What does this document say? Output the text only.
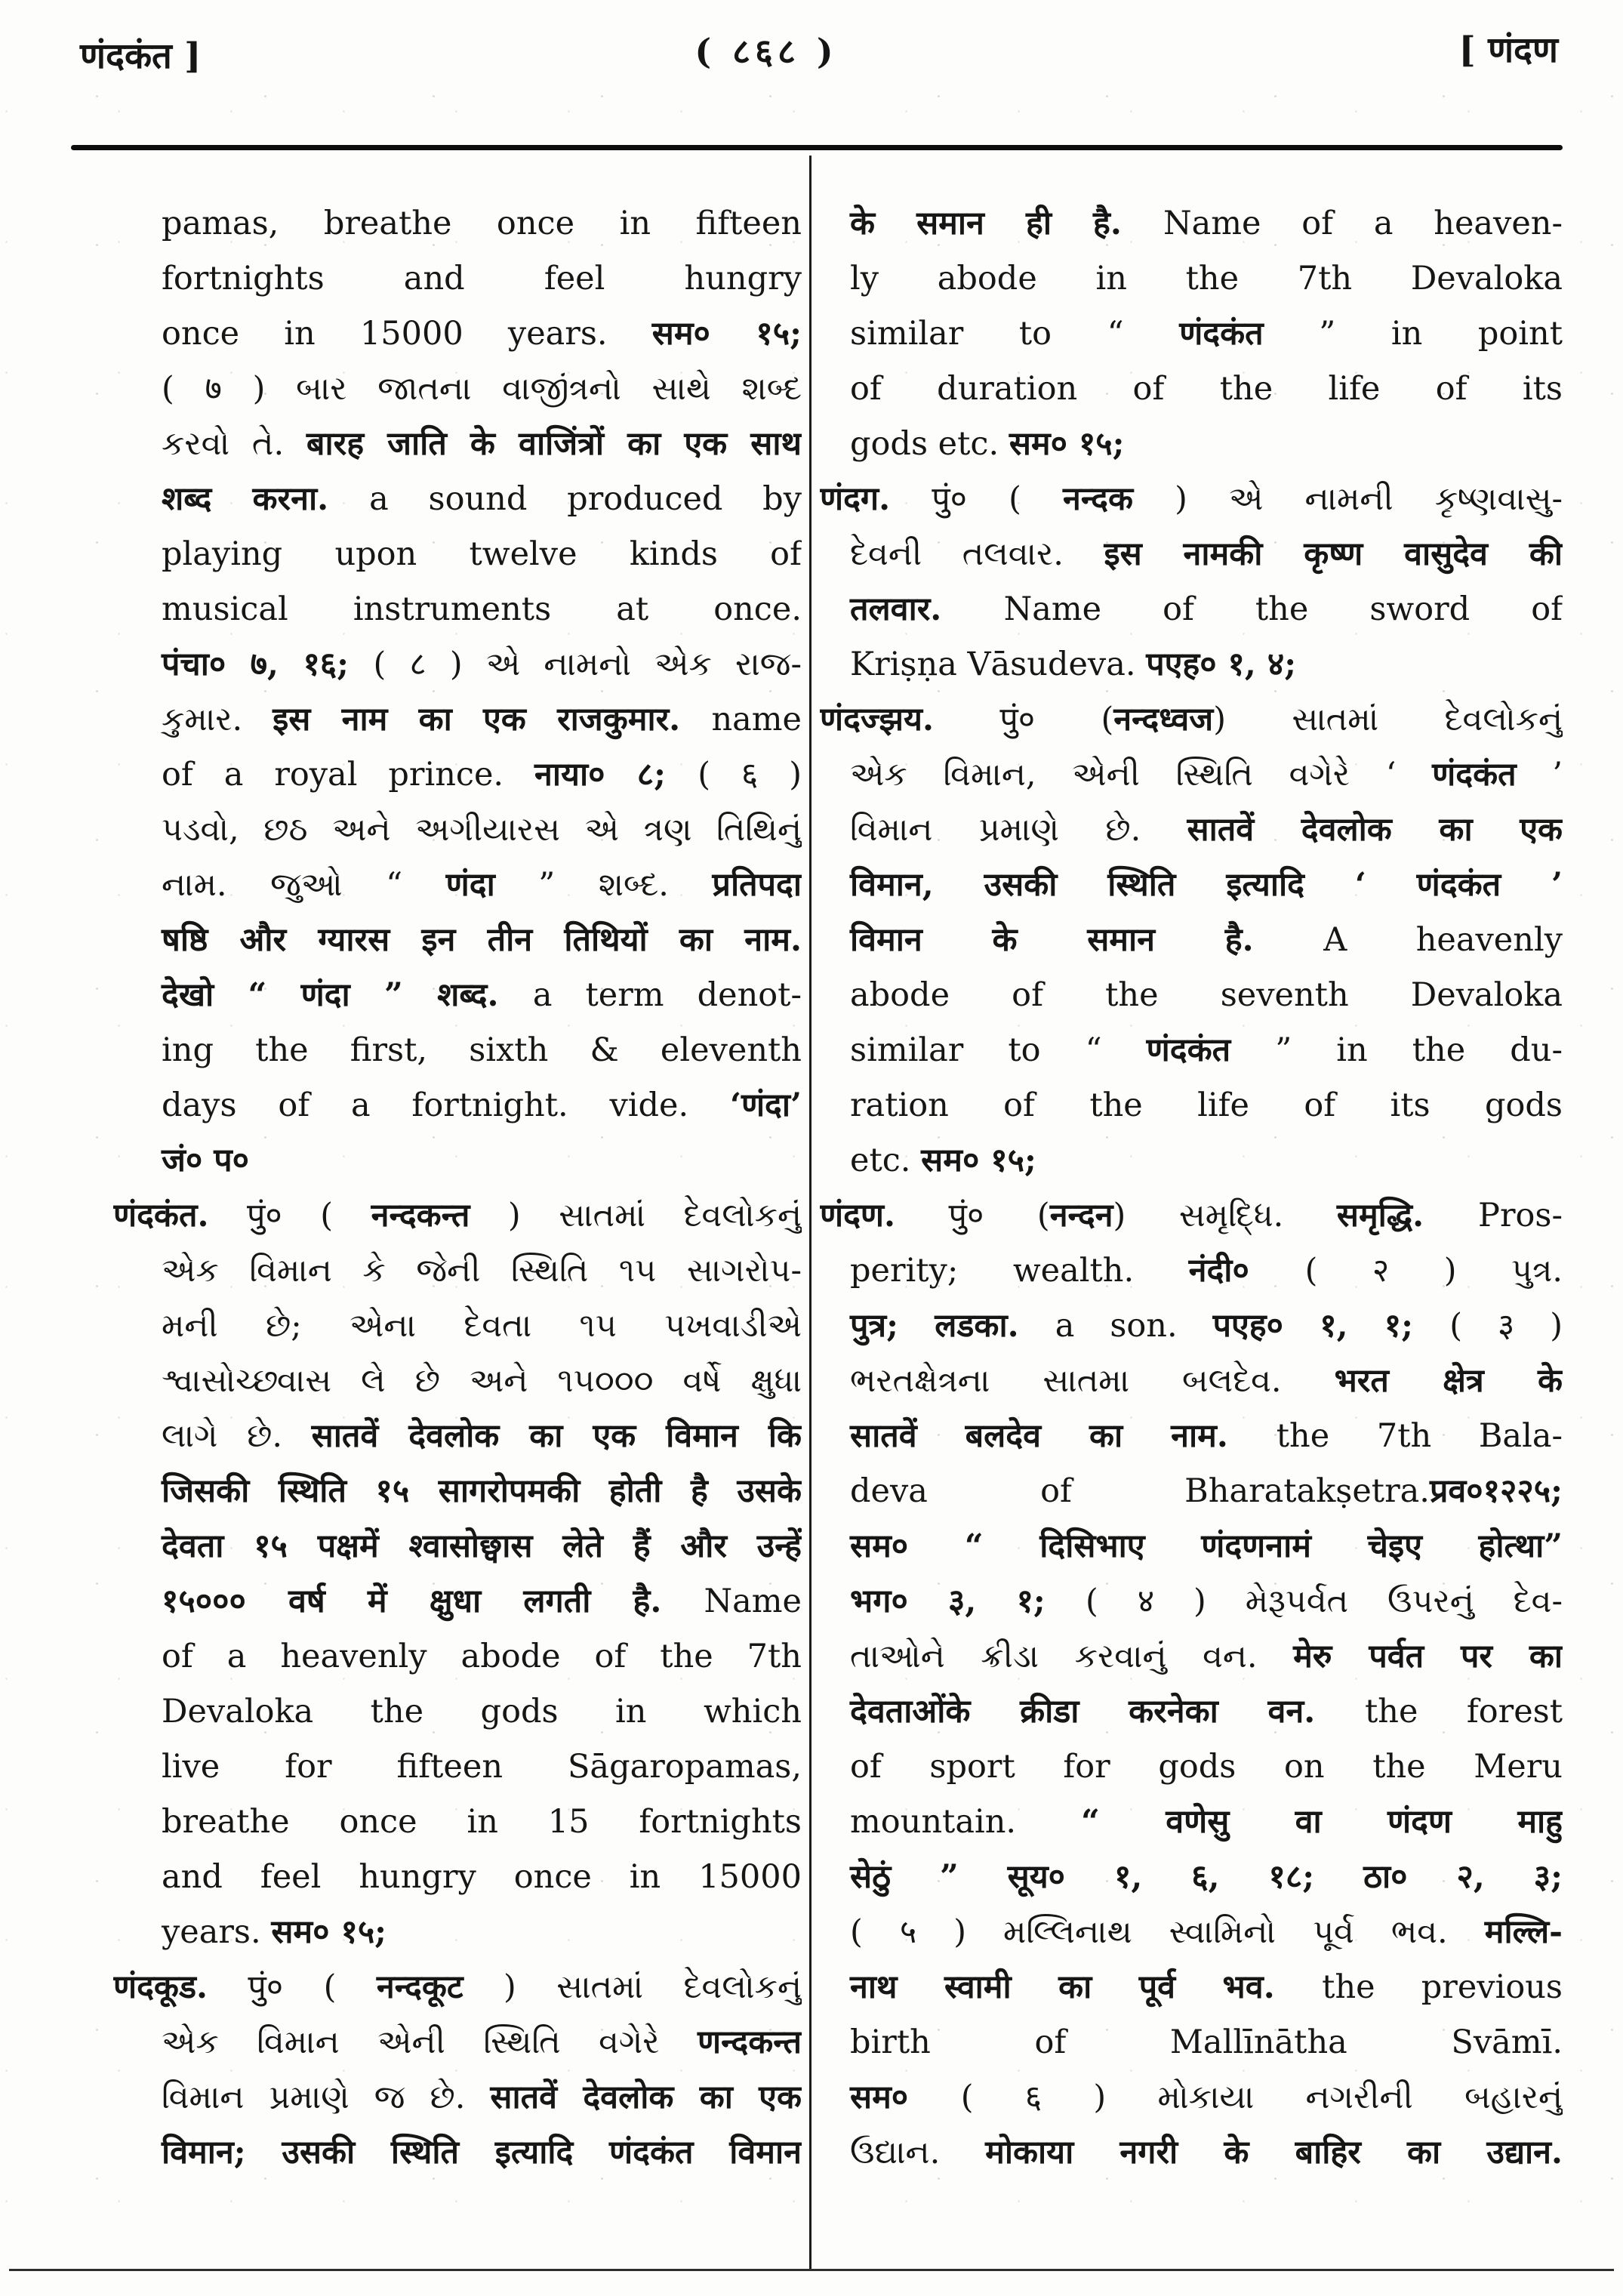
णंदकंत ]	( ८६८ )	[ णंदण
pamas, breathe once in fifteen
fortnights and feel hungry
once in 15000 years. सम० १५;
( ७ ) બાર જાતના વાજીંત્રનો સાથે શબ્દ
કરવો તે. बारह जाति के वाजिंत्रों का एक साथ
शब्द करना. a sound produced by
playing upon twelve kinds of
musical instruments at once.
पंचा० ७, १६; ( ८ ) એ નામનો એક રાજ-
કુમાર. इस नाम का एक राजकुमार. name
of a royal prince. नाया० ८; ( ६ )
પડવો, છઠ અને અગીયારસ એ ત્રણ તિથિનું
નામ. જુઓ “ णंदा ” શબ્દ. प्रतिपदा
षष्ठि और ग्यारस इन तीन तिथियों का नाम.
देखो “ णंदा ” शब्द. a term denot-
ing the first, sixth & eleventh
days of a fortnight. vide. ‘णंदा’
जं० प०
णंदकंत. पुं० ( नन्दकन्त ) સાતમાં દેવલોકનું
એક વિમાન કે જેની સ્થિતિ ૧૫ સાગરોપ-
મની છે; એના દેવતા ૧૫ પખવાડીએ
શ્વાસોચ્છ્વાસ લે છે અને ૧૫૦૦૦ વર્ષે ક્ષુધા
લાગે છે. सातवें देवलोक का एक विमान कि
जिसकी स्थिति १५ सागरोपमकी होती है उसके
देवता १५ पक्षमें श्वासोछ्वास लेते हैं और उन्हें
१५००० वर्ष में क्षुधा लगती है. Name
of a heavenly abode of the 7th
Devaloka the gods in which
live for fifteen Sāgaropamas,
breathe once in 15 fortnights
and feel hungry once in 15000
years. सम० १५;
णंदकूड. पुं० ( नन्दकूट ) સાતમાં દેવલોકનું
એક વિમાન એની સ્થિતિ વગેરે णन्दकन्त
વિમાન પ્રમાણે જ છે. सातवें देवलोक का एक
विमान; उसकी स्थिति इत्यादि णंदकंत विमान
के समान ही है. Name of a heaven-
ly abode in the 7th Devaloka
similar to “ णंदकंत ” in point
of duration of the life of its
gods etc. सम० १५;
णंदग. पुं० ( नन्दक ) એ નામની કૃષ્ણવાસુ-
દેવની તલવાર. इस नामकी कृष्ण वासुदेव की
तलवार. Name of the sword of
Kriṣṇa Vāsudeva. पएह० १, ४;
णंदज्झय. पुं० (नन्दध्वज) સાતમાં દેવલોકનું
એક વિમાન, એની સ્થિતિ વગેરે ‘ णंदकंत ’
વિમાન પ્રમાણે છે. सातवें देवलोक का एक
विमान, उसकी स्थिति इत्यादि ‘ णंदकंत ’
विमान के समान है. A heavenly
abode of the seventh Devaloka
similar to “ णंदकंत ” in the du-
ration of the life of its gods
etc. सम० १५;
णंदण. पुं० (नन्दन) સમૃદ્ધિ. समृद्धि. Pros-
perity; wealth. नंदी० ( २ ) પુત્ર.
पुत्र; लडका. a son. पएह० १, १; ( ३ )
ભરતક્ષેત્રના સાતમા બલદેવ. भरत क्षेत्र के
सातवें बलदेव का नाम. the 7th Bala-
deva of Bharatakṣetra.प्रव०१२२५;
सम० “ दिसिभाए णंदणनामं चेइए होत्था”
भग० ३, १; ( ४ ) મેરૂપર્વત ઉપરનું દેવ-
તાઓને ક્રીડા કરવાનું વન. मेरु पर्वत पर का
देवताओंके क्रीडा करनेका वन. the forest
of sport for gods on the Meru
mountain. “ वणेसु वा णंदण माहु
सेठुं ” सूय० १, ६, १८; ठा० २, ३;
( ५ ) મલ્લિનાથ સ્વામિનો પૂર્વ ભવ. मल्लि-
नाथ स्वामी का पूर्व भव. the previous
birth of Mallīnātha Svāmī.
सम० ( ६ ) મોકાયા નગરીની બહારનું
ઉદ્યાન. मोकाया नगरी के बाहिर का उद्यान.
